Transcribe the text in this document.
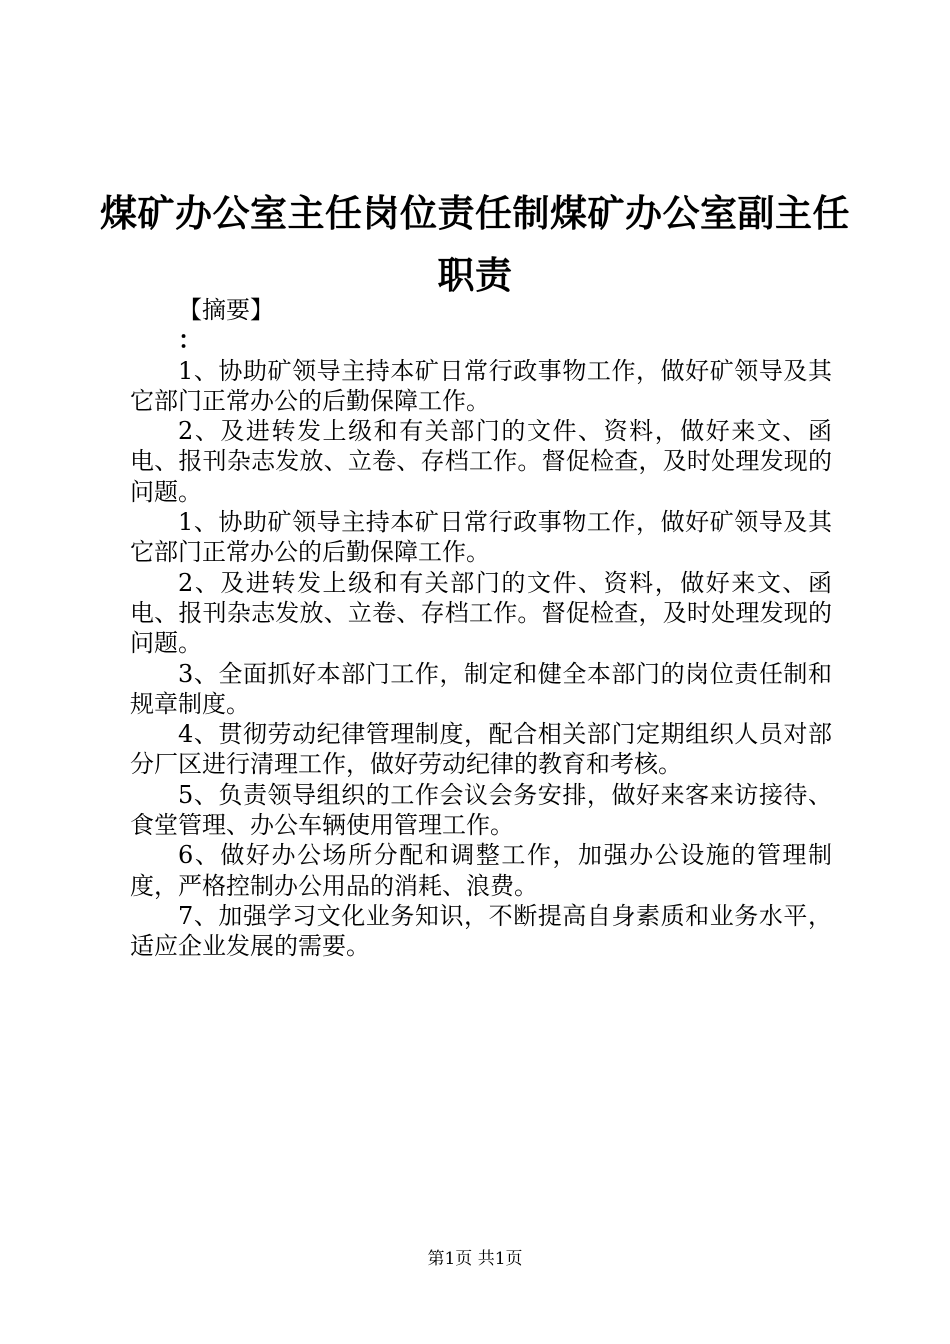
煤矿办公室主任岗位责任制煤矿办公室副主任职责

【摘要】

：

1、协助矿领导主持本矿日常行政事物工作，做好矿领导及其它部门正常办公的后勤保障工作。

2、及进转发上级和有关部门的文件、资料，做好来文、函电、报刊杂志发放、立卷、存档工作。督促检查，及时处理发现的问题。

1、协助矿领导主持本矿日常行政事物工作，做好矿领导及其它部门正常办公的后勤保障工作。

2、及进转发上级和有关部门的文件、资料，做好来文、函电、报刊杂志发放、立卷、存档工作。督促检查，及时处理发现的问题。

3、全面抓好本部门工作，制定和健全本部门的岗位责任制和规章制度。

4、贯彻劳动纪律管理制度，配合相关部门定期组织人员对部分厂区进行清理工作，做好劳动纪律的教育和考核。

5、负责领导组织的工作会议会务安排，做好来客来访接待、食堂管理、办公车辆使用管理工作。

6、做好办公场所分配和调整工作，加强办公设施的管理制度，严格控制办公用品的消耗、浪费。

7、加强学习文化业务知识，不断提高自身素质和业务水平，适应企业发展的需要。

第1页 共1页
